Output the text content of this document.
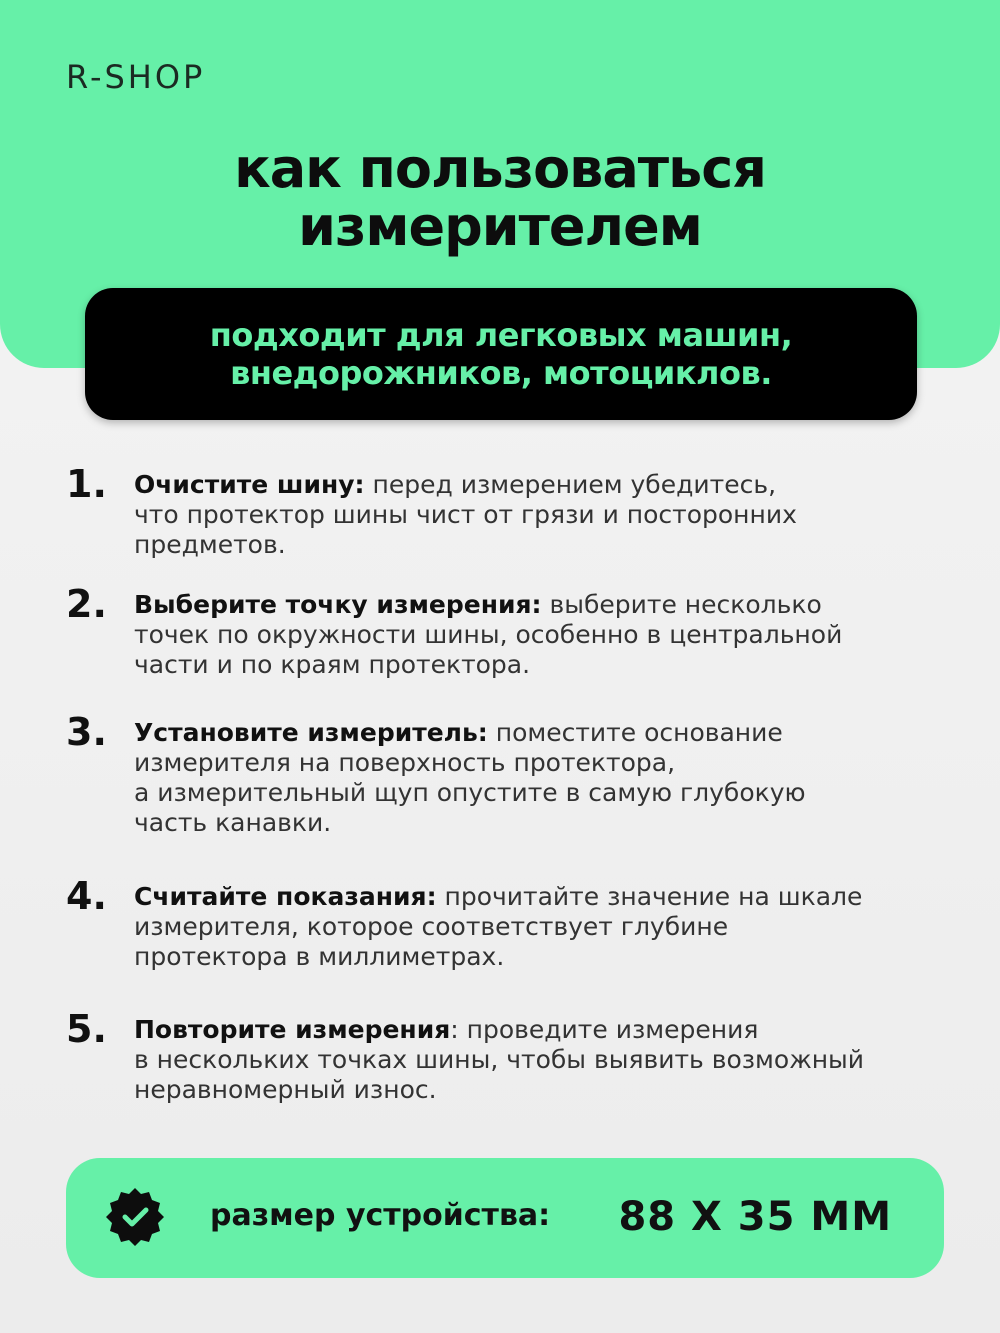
R-SHOP
как пользоваться
измерителем
подходит для легковых машин,
внедорожников, мотоциклов.
1. Очистите шину: перед измерением убедитесь,
что протектор шины чист от грязи и посторонних
предметов.
2. Выберите точку измерения: выберите несколько
точек по окружности шины, особенно в центральной
части и по краям протектора.
3. Установите измеритель: поместите основание
измерителя на поверхность протектора,
а измерительный щуп опустите в самую глубокую
часть канавки.
4. Считайте показания: прочитайте значение на шкале
измерителя, которое соответствует глубине
протектора в миллиметрах.
5. Повторите измерения: проведите измерения
в нескольких точках шины, чтобы выявить возможный
неравномерный износ.
размер устройства: 88 X 35 MM
